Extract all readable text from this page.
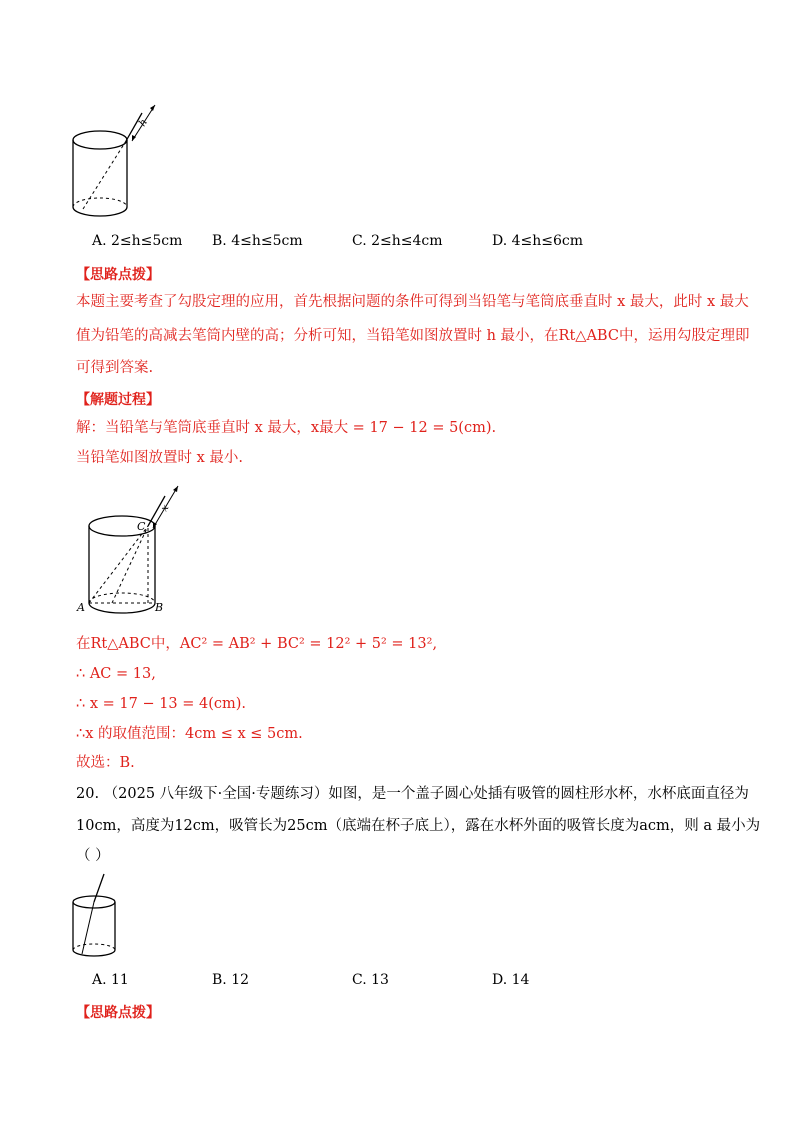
h
A. 2≤h≤5cm B. 4≤h≤5cm	C. 2≤h≤4cm	D. 4≤h≤6cm
【思路点拨】
本题主要考查了勾股定理的应用，首先根据问题的条件可得到当铅笔与笔筒底垂直时 x 最大，此时 x 最大
值为铅笔的高减去笔筒内壁的高；分析可知，当铅笔如图放置时 h 最小，在Rt△ABC中，运用勾股定理即
可得到答案.
【解题过程】
解：当铅笔与笔筒底垂直时 x 最大，x最大 = 17 − 12 = 5(cm).
当铅笔如图放置时 x 最小.
C
A	B
x
在Rt△ABC中，AC² = AB² + BC² = 12² + 5² = 13²,
∴ AC = 13,
∴ x = 17 − 13 = 4(cm).
∴x 的取值范围：4cm ≤ x ≤ 5cm.
故选：B.
20. （2025 八年级下·全国·专题练习）如图，是一个盖子圆心处插有吸管的圆柱形水杯，水杯底面直径为
10cm，高度为12cm，吸管长为25cm（底端在杯子底上），露在水杯外面的吸管长度为acm，则 a 最小为
（ ）
A. 11	B. 12	C. 13	D. 14
【思路点拨】
